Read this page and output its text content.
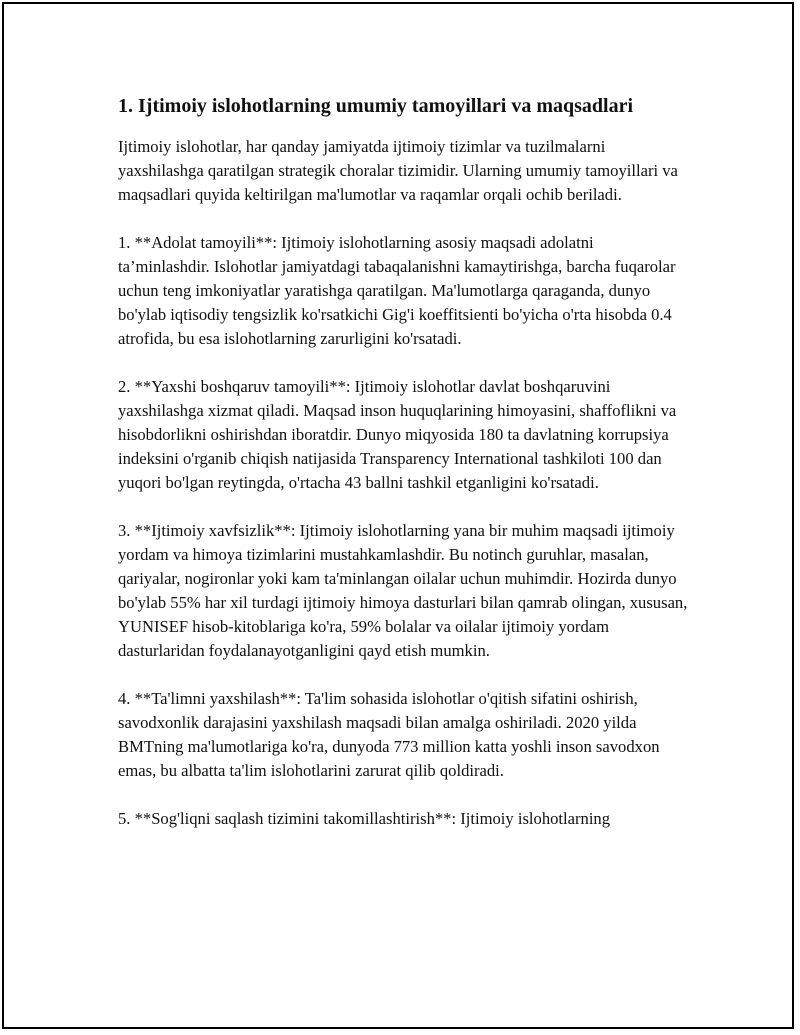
1. Ijtimoiy islohotlarning umumiy tamoyillari va maqsadlari

Ijtimoiy islohotlar, har qanday jamiyatda ijtimoiy tizimlar va tuzilmalarni yaxshilashga qaratilgan strategik choralar tizimidir. Ularning umumiy tamoyillari va maqsadlari quyida keltirilgan ma'lumotlar va raqamlar orqali ochib beriladi.

1. **Adolat tamoyili**: Ijtimoiy islohotlarning asosiy maqsadi adolatni ta’minlashdir. Islohotlar jamiyatdagi tabaqalanishni kamaytirishga, barcha fuqarolar uchun teng imkoniyatlar yaratishga qaratilgan. Ma'lumotlarga qaraganda, dunyo bo'ylab iqtisodiy tengsizlik ko'rsatkichi Gig'i koeffitsienti bo'yicha o'rta hisobda 0.4 atrofida, bu esa islohotlarning zarurligini ko'rsatadi.

2. **Yaxshi boshqaruv tamoyili**: Ijtimoiy islohotlar davlat boshqaruvini yaxshilashga xizmat qiladi. Maqsad inson huquqlarining himoyasini, shaffoflikni va hisobdorlikni oshirishdan iboratdir. Dunyo miqyosida 180 ta davlatning korrupsiya indeksini o'rganib chiqish natijasida Transparency International tashkiloti 100 dan yuqori bo'lgan reytingda, o'rtacha 43 ballni tashkil etganligini ko'rsatadi.

3. **Ijtimoiy xavfsizlik**: Ijtimoiy islohotlarning yana bir muhim maqsadi ijtimoiy yordam va himoya tizimlarini mustahkamlashdir. Bu notinch guruhlar, masalan, qariyalar, nogironlar yoki kam ta'minlangan oilalar uchun muhimdir. Hozirda dunyo bo'ylab 55% har xil turdagi ijtimoiy himoya dasturlari bilan qamrab olingan, xususan, YUNISEF hisob-kitoblariga ko'ra, 59% bolalar va oilalar ijtimoiy yordam dasturlaridan foydalanayotganligini qayd etish mumkin.

4. **Ta'limni yaxshilash**: Ta'lim sohasida islohotlar o'qitish sifatini oshirish, savodxonlik darajasini yaxshilash maqsadi bilan amalga oshiriladi. 2020 yilda BMTning ma'lumotlariga ko'ra, dunyoda 773 million katta yoshli inson savodxon emas, bu albatta ta'lim islohotlarini zarurat qilib qoldiradi.

5. **Sog'liqni saqlash tizimini takomillashtirish**: Ijtimoiy islohotlarning
